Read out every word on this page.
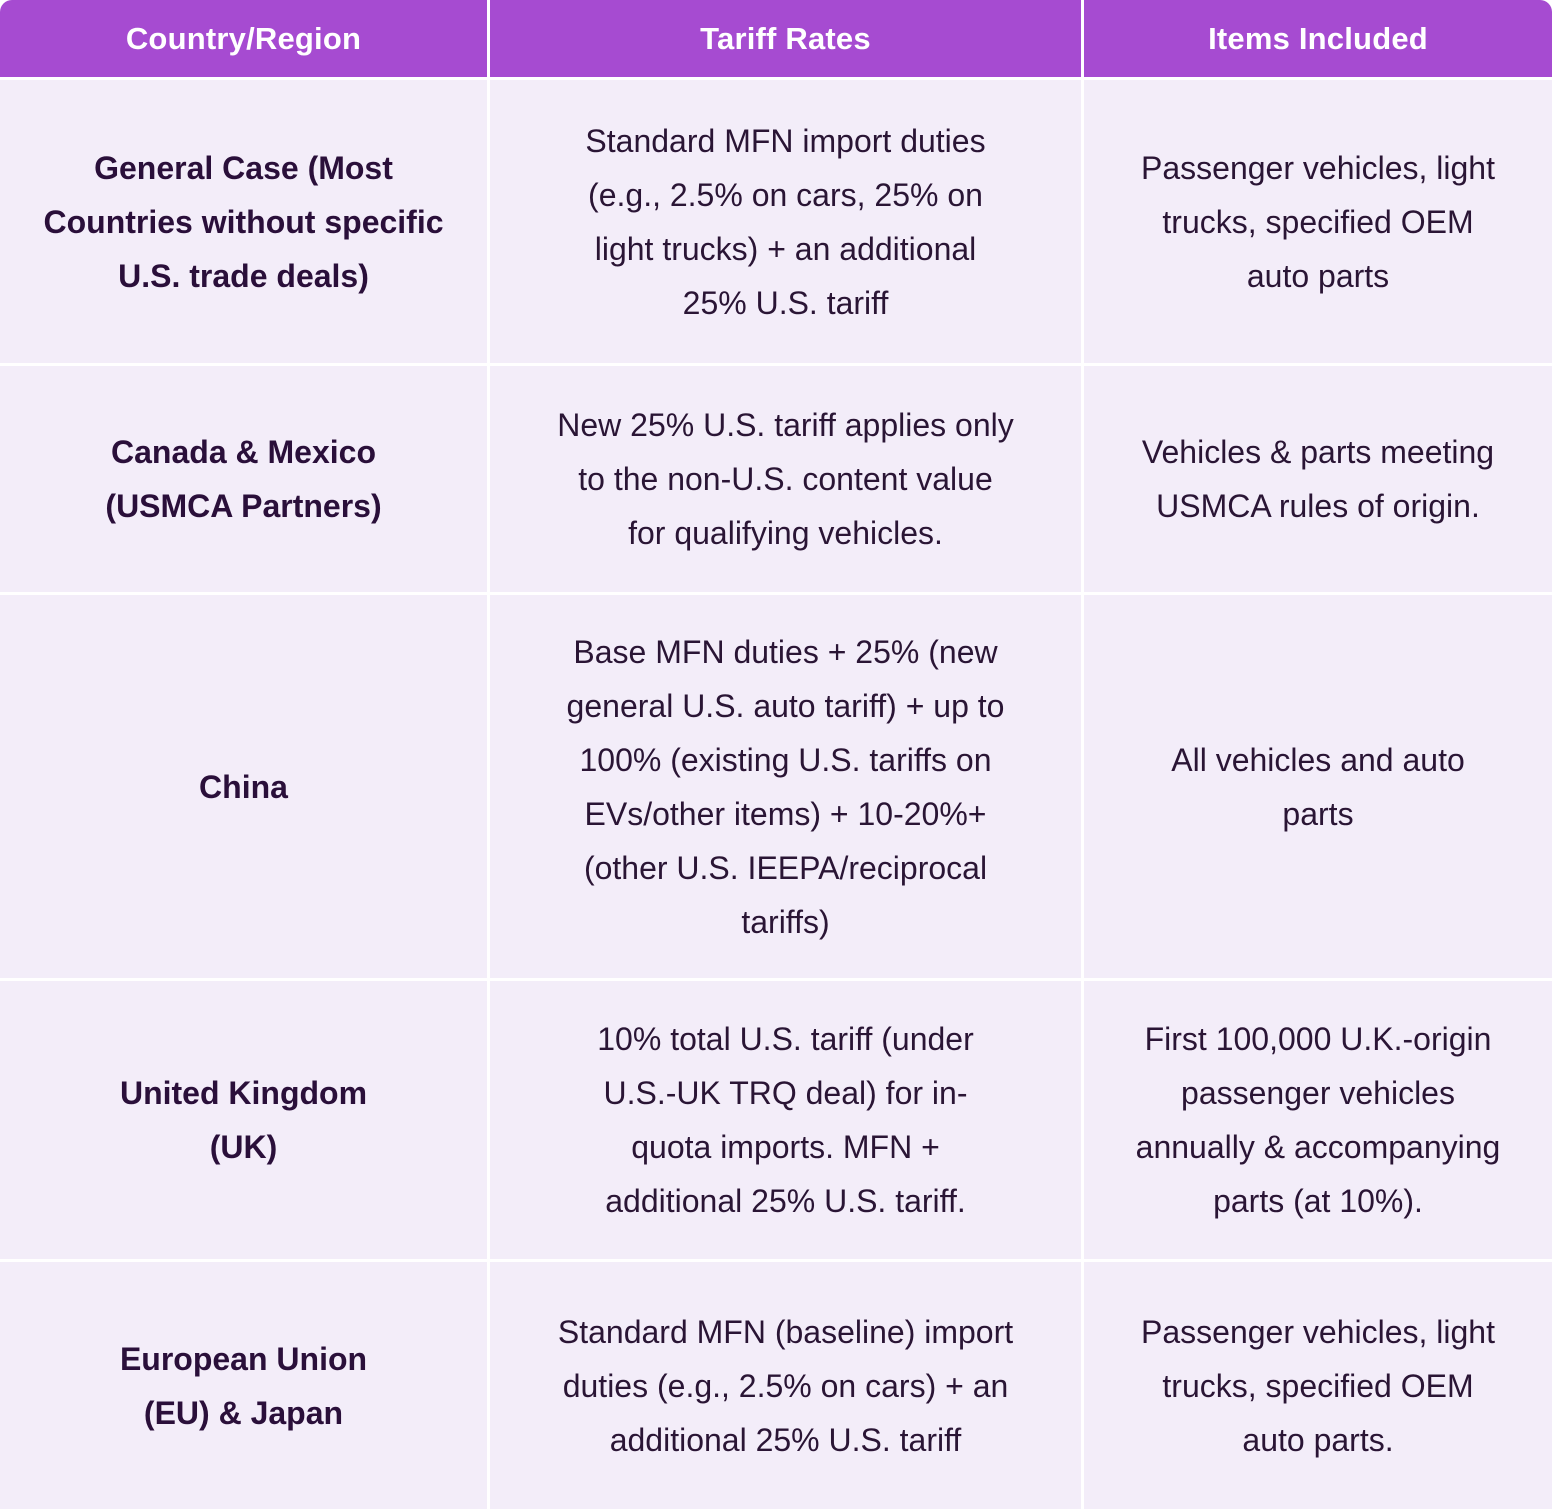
Country/Region	Tariff Rates	Items Included
General Case (Most Countries without specific U.S. trade deals)
Standard MFN import duties (e.g., 2.5% on cars, 25% on light trucks) + an additional 25% U.S. tariff
Passenger vehicles, light trucks, specified OEM auto parts
Canada & Mexico (USMCA Partners)
New 25% U.S. tariff applies only to the non-U.S. content value for qualifying vehicles.
Vehicles & parts meeting USMCA rules of origin.
China
Base MFN duties + 25% (new general U.S. auto tariff) + up to 100% (existing U.S. tariffs on EVs/other items) + 10-20%+ (other U.S. IEEPA/reciprocal tariffs)
All vehicles and auto parts
United Kingdom (UK)
10% total U.S. tariff (under U.S.-UK TRQ deal) for in-quota imports. MFN + additional 25% U.S. tariff.
First 100,000 U.K.-origin passenger vehicles annually & accompanying parts (at 10%).
European Union (EU) & Japan
Standard MFN (baseline) import duties (e.g., 2.5% on cars) + an additional 25% U.S. tariff
Passenger vehicles, light trucks, specified OEM auto parts.
